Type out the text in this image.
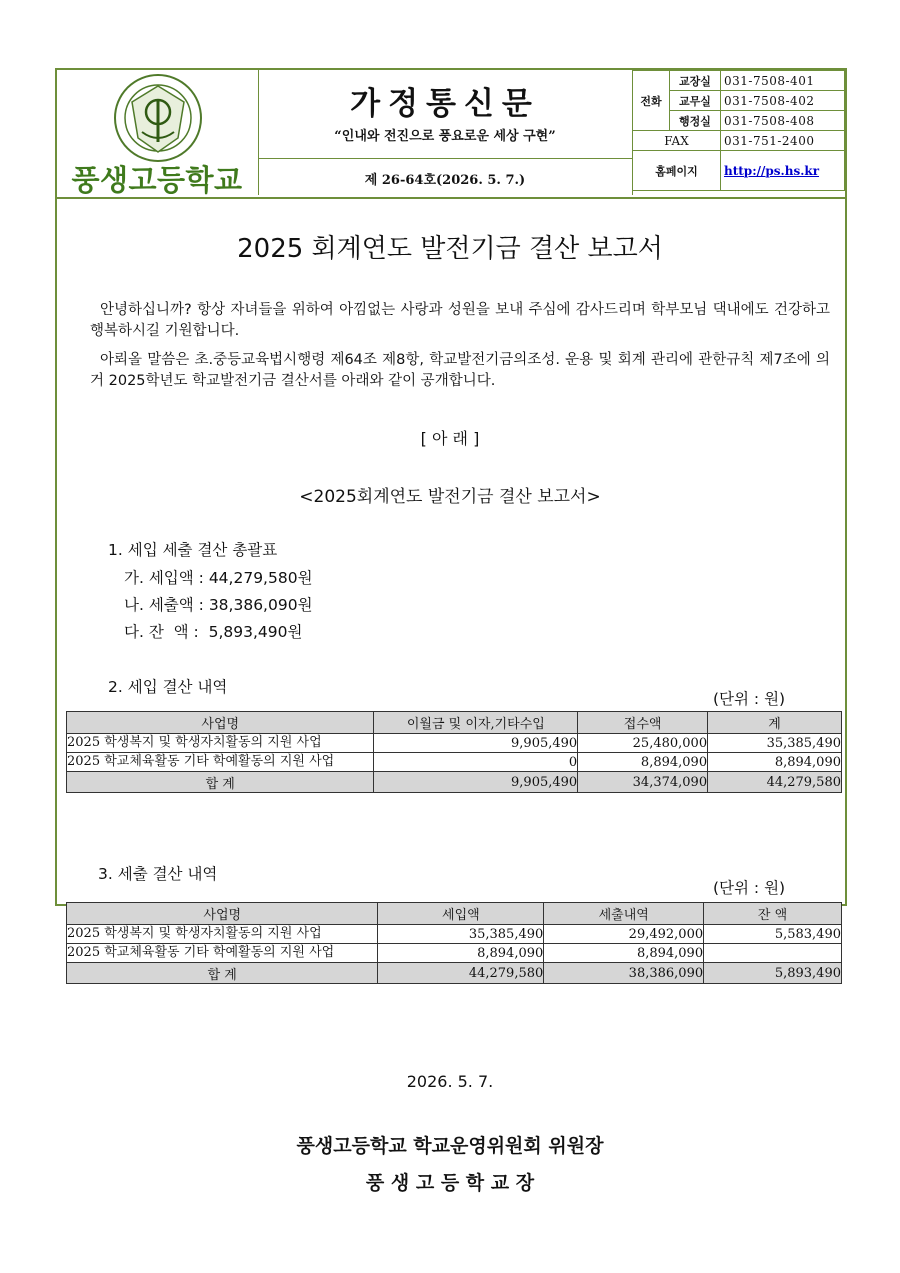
풍생고등학교
가정통신문
“인내와 전진으로 풍요로운 세상 구현”
제 26-64호(2026. 5. 7.)
전화	교장실	031-7508-401
	교무실	031-7508-402
	행정실	031-7508-408
FAX		031-751-2400
홈페이지		http://ps.hs.kr
2025 회계연도 발전기금 결산 보고서
안녕하십니까? 항상 자녀들을 위하여 아낌없는 사랑과 성원을 보내 주심에 감사드리며 학부모님 댁내에도 건강하고 행복하시길 기원합니다.
아뢰올 말씀은 초.중등교육법시행령 제64조 제8항, 학교발전기금의조성. 운용 및 회계 관리에 관한규칙 제7조에 의거 2025학년도 학교발전기금 결산서를 아래와 같이 공개합니다.
[ 아 래 ]
<2025회계연도 발전기금 결산 보고서>
1. 세입 세출 결산 총괄표
가. 세입액 : 44,279,580원
나. 세출액 : 38,386,090원
다. 잔  액 :  5,893,490원
2. 세입 결산 내역
(단위 : 원)
사업명	이월금 및 이자,기타수입	접수액	계
2025 학생복지 및 학생자치활동의 지원 사업	9,905,490	25,480,000	35,385,490
2025 학교체육활동 기타 학예활동의 지원 사업	0	8,894,090	8,894,090
합 계	9,905,490	34,374,090	44,279,580
3. 세출 결산 내역
(단위 : 원)
사업명	세입액	세출내역	잔 액
2025 학생복지 및 학생자치활동의 지원 사업	35,385,490	29,492,000	5,583,490
2025 학교체육활동 기타 학예활동의 지원 사업	8,894,090	8,894,090	
합 계	44,279,580	38,386,090	5,893,490
2026. 5. 7.
풍생고등학교 학교운영위원회 위원장
풍 생 고 등 학 교 장
